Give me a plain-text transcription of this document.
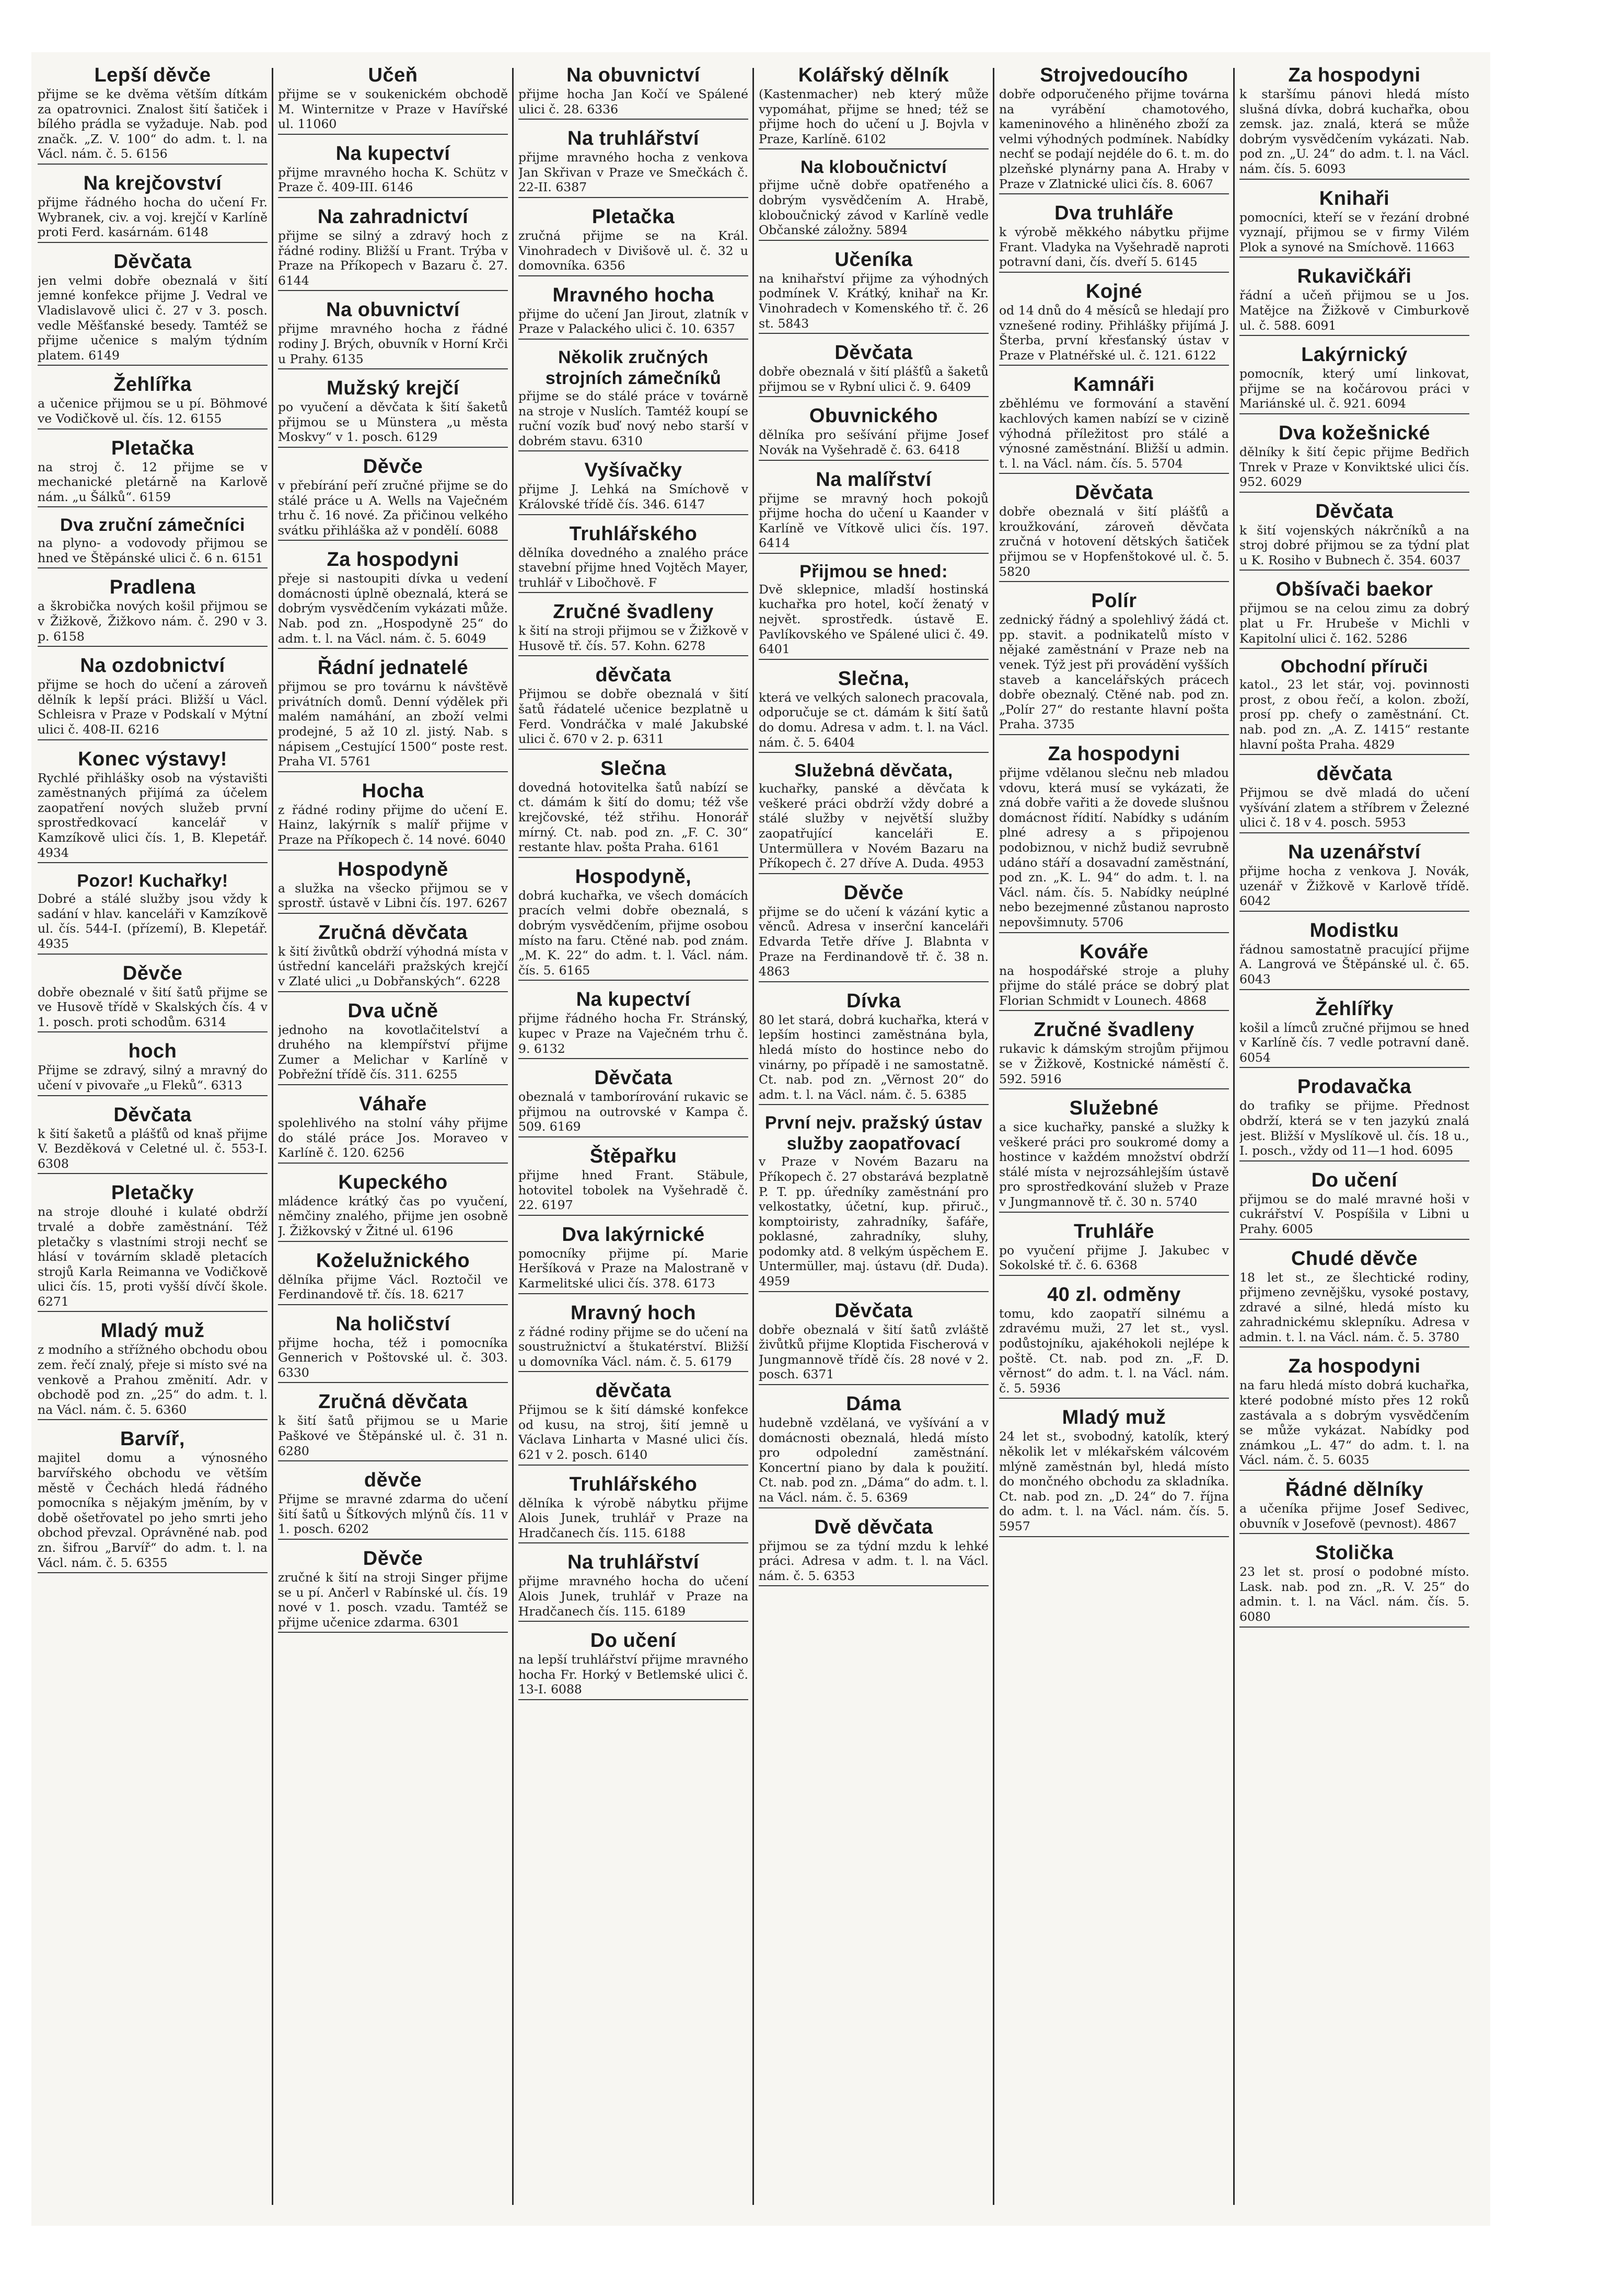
Lepší děvče
přijme se ke dvěma větším dítkám za opatrovnici. Znalost šití šatiček i bílého prádla se vyžaduje. Nab. pod značk. „Z. V. 100“ do adm. t. l. na Václ. nám. č. 5. 6156
Na krejčovství
přijme řádného hocha do učení Fr. Wybranek, civ. a voj. krejčí v Karlíně proti Ferd. kasárnám. 6148
Děvčata
jen velmi dobře obeznalá v šití jemné konfekce přijme J. Vedral ve Vladislavově ulici č. 27 v 3. posch. vedle Měšťanské besedy. Tamtéž se přijme učenice s malým týdním platem. 6149
Žehlířka
a učenice přijmou se u pí. Böhmové ve Vodičkově ul. čís. 12. 6155
Pletačka
na stroj č. 12 přijme se v mechanické pletárně na Karlově nám. „u Šálků“. 6159
Dva zruční zámečníci
na plyno- a vodovody přijmou se hned ve Štěpánské ulici č. 6 n. 6151
Pradlena
a škrobička nových košil přijmou se v Žižkově, Žižkovo nám. č. 290 v 3. p. 6158
Na ozdobnictví
přijme se hoch do učení a zároveň dělník k lepší práci. Bližší u Václ. Schleisra v Praze v Podskalí v Mýtní ulici č. 408-II. 6216
Konec výstavy!
Rychlé přihlášky osob na výstavišti zaměstnaných přijímá za účelem zaopatření nových služeb první sprostředkovací kancelář v Kamzíkově ulici čís. 1, B. Klepetář. 4934
Pozor! Kuchařky!
Dobré a stálé služby jsou vždy k sadání v hlav. kanceláři v Kamzíkově ul. čís. 544-I. (přízemí), B. Klepetář. 4935
Děvče
dobře obeznalé v šití šatů přijme se ve Husově třídě v Skalských čís. 4 v 1. posch. proti schodům. 6314
hoch
Přijme se zdravý, silný a mravný do učení v pivovaře „u Fleků“. 6313
Děvčata
k šití šaketů a plášťů od knaš přijme V. Bezděková v Celetné ul. č. 553-I. 6308
Pletačky
na stroje dlouhé i kulaté obdrží trvalé a dobře zaměstnání. Též pletačky s vlastními stroji nechť se hlásí v továrním skladě pletacích strojů Karla Reimanna ve Vodičkově ulici čís. 15, proti vyšší dívčí škole. 6271
Mladý muž
z modního a střížného obchodu obou zem. řečí znalý, přeje si místo své na venkově a Prahou změnití. Adr. v obchodě pod zn. „25“ do adm. t. l. na Václ. nám. č. 5. 6360
Barvíř,
majitel domu a výnosného barvířského obchodu ve větším městě v Čechách hledá řádného pomocníka s nějakým jměním, by v době ošetřovatel po jeho smrti jeho obchod převzal. Oprávněné nab. pod zn. šifrou „Barvíř“ do adm. t. l. na Václ. nám. č. 5. 6355
Učeň
přijme se v soukenickém obchodě M. Winternitze v Praze v Havířské ul. 11060
Na kupectví
přijme mravného hocha K. Schütz v Praze č. 409-III. 6146
Na zahradnictví
přijme se silný a zdravý hoch z řádné rodiny. Bližší u Frant. Trýba v Praze na Příkopech v Bazaru č. 27. 6144
Na obuvnictví
přijme mravného hocha z řádné rodiny J. Brých, obuvník v Horní Krči u Prahy. 6135
Mužský krejčí
po vyučení a děvčata k šití šaketů přijmou se u Münstera „u města Moskvy“ v 1. posch. 6129
Děvče
v přebírání peří zručné přijme se do stálé práce u A. Wells na Vaječném trhu č. 16 nové. Za přičinou velkého svátku přihláška až v pondělí. 6088
Za hospodyni
přeje si nastoupiti dívka u vedení domácnosti úplně obeznalá, která se dobrým vysvědčením vykázati může. Nab. pod zn. „Hospodyně 25“ do adm. t. l. na Václ. nám. č. 5. 6049
Řádní jednatelé
přijmou se pro továrnu k návštěvě privátních domů. Denní výdělek při malém namáhání, an zboží velmi prodejné, 5 až 10 zl. jistý. Nab. s nápisem „Cestující 1500“ poste rest. Praha VI. 5761
Hocha
z řádné rodiny přijme do učení E. Hainz, lakýrník s malíř přijme v Praze na Příkopech č. 14 nové. 6040
Hospodyně
a služka na všecko přijmou se v sprostř. ústavě v Libni čís. 197. 6267
Zručná děvčata
k šití živůtků obdrží výhodná místa v ústřední kanceláři pražských krejčí v Zlaté ulici „u Dobřanských“. 6228
Dva učně
jednoho na kovotlačitelství a druhého na klempířství přijme Zumer a Melichar v Karlíně v Pobřežní třídě čís. 311. 6255
Váhaře
spolehlivého na stolní váhy přijme do stálé práce Jos. Moraveo v Karlíně č. 120. 6256
Kupeckého
mládence krátký čas po vyučení, němčiny znalého, přijme jen osobně J. Žižkovský v Žitné ul. 6196
Koželužnického
dělníka přijme Václ. Roztočil ve Ferdinandově tř. čís. 18. 6217
Na holičství
přijme hocha, též i pomocníka Gennerich v Poštovské ul. č. 303. 6330
Zručná děvčata
k šití šatů přijmou se u Marie Paškové ve Štěpánské ul. č. 31 n. 6280
děvče
Přijme se mravné zdarma do učení šití šatů u Šítkových mlýnů čís. 11 v 1. posch. 6202
Děvče
zručné k šití na stroji Singer přijme se u pí. Ančerl v Rabínské ul. čís. 19 nové v 1. posch. vzadu. Tamtéž se přijme učenice zdarma. 6301
Na obuvnictví
přijme hocha Jan Kočí ve Spálené ulici č. 28. 6336
Na truhlářství
přijme mravného hocha z venkova Jan Skřivan v Praze ve Smečkách č. 22-II. 6387
Pletačka
zručná přijme se na Král. Vinohradech v Divišově ul. č. 32 u domovníka. 6356
Mravného hocha
přijme do učení Jan Jirout, zlatník v Praze v Palackého ulici č. 10. 6357
Několik zručných strojních zámečníků
přijme se do stálé práce v továrně na stroje v Nuslích. Tamtéž koupí se ruční vozík buď nový nebo starší v dobrém stavu. 6310
Vyšívačky
přijme J. Lehká na Smíchově v Královské třídě čís. 346. 6147
Truhlářského
dělníka dovedného a znalého práce stavební přijme hned Vojtěch Mayer, truhlář v Libočhově. F
Zručné švadleny
k šití na stroji přijmou se v Žižkově v Husově tř. čís. 57. Kohn. 6278
děvčata
Přijmou se dobře obeznalá v šití šatů řádatelé učenice bezplatně u Ferd. Vondráčka v malé Jakubské ulici č. 670 v 2. p. 6311
Slečna
dovedná hotovitelka šatů nabízí se ct. dámám k šití do domu; též vše krejčovské, též střihu. Honorář mírný. Ct. nab. pod zn. „F. C. 30“ restante hlav. pošta Praha. 6161
Hospodyně,
dobrá kuchařka, ve všech domácích pracích velmi dobře obeznalá, s dobrým vysvědčením, přijme osobou místo na faru. Ctěné nab. pod znám. „M. K. 22“ do adm. t. l. Václ. nám. čís. 5. 6165
Na kupectví
přijme řádného hocha Fr. Stránský, kupec v Praze na Vaječném trhu č. 9. 6132
Děvčata
obeznalá v tamborírování rukavic se přijmou na outrovské v Kampa č. 509. 6169
Štěpařku
přijme hned Frant. Stäbule, hotovitel tobolek na Vyšehradě č. 22. 6197
Dva lakýrnické
pomocníky přijme pí. Marie Heršíková v Praze na Malostraně v Karmelitské ulici čís. 378. 6173
Mravný hoch
z řádné rodiny přijme se do učení na soustružnictví a štukatérství. Bližší u domovníka Václ. nám. č. 5. 6179
děvčata
Přijmou se k šití dámské konfekce od kusu, na stroj, šití jemně u Václava Linharta v Masné ulici čís. 621 v 2. posch. 6140
Truhlářského
dělníka k výrobě nábytku přijme Alois Junek, truhlář v Praze na Hradčanech čís. 115. 6188
Na truhlářství
přijme mravného hocha do učení Alois Junek, truhlář v Praze na Hradčanech čís. 115. 6189
Do učení
na lepší truhlářství přijme mravného hocha Fr. Horký v Betlemské ulici č. 13-I. 6088
Kolářský dělník
(Kastenmacher) neb který může vypomáhat, přijme se hned; též se přijme hoch do učení u J. Bojvla v Praze, Karlíně. 6102
Na kloboučnictví
přijme učně dobře opatřeného a dobrým vysvědčením A. Hrabě, kloboučnický závod v Karlíně vedle Občanské záložny. 5894
Učeníka
na knihařství přijme za výhodných podmínek V. Krátký, knihař na Kr. Vinohradech v Komenského tř. č. 26 st. 5843
Děvčata
dobře obeznalá v šití plášťů a šaketů přijmou se v Rybní ulici č. 9. 6409
Obuvnického
dělníka pro sešívání přijme Josef Novák na Vyšehradě č. 63. 6418
Na malířství
přijme se mravný hoch pokojů přijme hocha do učení u Kaander v Karlíně ve Vítkově ulici čís. 197. 6414
Přijmou se hned:
Dvě sklepnice, mladší hostinská kuchařka pro hotel, kočí ženatý v největ. sprostředk. ústavě E. Pavlíkovského ve Spálené ulici č. 49. 6401
Slečna,
která ve velkých salonech pracovala, odporučuje se ct. dámám k šití šatů do domu. Adresa v adm. t. l. na Václ. nám. č. 5. 6404
Služebná děvčata,
kuchařky, panské a děvčata k veškeré práci obdrží vždy dobré a stálé služby v největší služby zaopatřující kanceláři E. Untermüllera v Novém Bazaru na Příkopech č. 27 dříve A. Duda. 4953
Děvče
přijme se do učení k vázání kytic a věnců. Adresa v inserční kanceláři Edvarda Tetře dříve J. Blabnta v Praze na Ferdinandově tř. č. 38 n. 4863
Dívka
80 let stará, dobrá kuchařka, která v lepším hostinci zaměstnána byla, hledá místo do hostince nebo do vinárny, po případě i ne samostatně. Ct. nab. pod zn. „Věrnost 20“ do adm. t. l. na Václ. nám. č. 5. 6385
První nejv. pražský ústav služby zaopatřovací
v Praze v Novém Bazaru na Příkopech č. 27 obstarává bezplatně P. T. pp. úředníky zaměstnání pro velkostatky, účetní, kup. přiruč., komptoiristy, zahradníky, šafáře, poklasné, zahradníky, sluhy, podomky atd. 8 velkým úspěchem E. Untermüller, maj. ústavu (dř. Duda). 4959
Děvčata
dobře obeznalá v šití šatů zvláště živůtků přijme Kloptida Fischerová v Jungmannově třídě čís. 28 nové v 2. posch. 6371
Dáma
hudebně vzdělaná, ve vyšívání a v domácnosti obeznalá, hledá místo pro odpolední zaměstnání. Koncertní piano by dala k použití. Ct. nab. pod zn. „Dáma“ do adm. t. l. na Václ. nám. č. 5. 6369
Dvě děvčata
přijmou se za týdní mzdu k lehké práci. Adresa v adm. t. l. na Václ. nám. č. 5. 6353
Strojvedoucího
dobře odporučeného přijme továrna na vyrábění chamotového, kameninového a hliněného zboží za velmi výhodných podmínek. Nabídky nechť se podají nejdéle do 6. t. m. do plzeňské plynárny pana A. Hraby v Praze v Zlatnické ulici čís. 8. 6067
Dva truhláře
k výrobě měkkého nábytku přijme Frant. Vladyka na Vyšehradě naproti potravní dani, čís. dveří 5. 6145
Kojné
od 14 dnů do 4 měsíců se hledají pro vznešené rodiny. Přihlášky přijímá J. Šterba, první křesťanský ústav v Praze v Platnéřské ul. č. 121. 6122
Kamnáři
zběhlému ve formování a stavění kachlových kamen nabízí se v cizině výhodná příležitost pro stálé a výnosné zaměstnání. Bližší u admin. t. l. na Václ. nám. čís. 5. 5704
Děvčata
dobře obeznalá v šití plášťů a kroužkování, zároveň děvčata zručná v hotovení dětských šatiček přijmou se v Hopfenštokové ul. č. 5. 5820
Polír
zednický řádný a spolehlivý žádá ct. pp. stavit. a podnikatelů místo v nějaké zaměstnání v Praze neb na venek. Týž jest při provádění vyšších staveb a kancelářských prácech dobře obeznalý. Ctěné nab. pod zn. „Polír 27“ do restante hlavní pošta Praha. 3735
Za hospodyni
přijme vdělanou slečnu neb mladou vdovu, která musí se vykázati, že zná dobře vařiti a že dovede slušnou domácnost řídití. Nabídky s udáním plné adresy a s připojenou podobiznou, v nichž budiž sevrubně udáno stáří a dosavadní zaměstnání, pod zn. „K. L. 94“ do adm. t. l. na Václ. nám. čís. 5. Nabídky neúplné nebo bezejmenné zůstanou naprosto nepovšimnuty. 5706
Kováře
na hospodářské stroje a pluhy přijme do stálé práce se dobrý plat Florian Schmidt v Lounech. 4868
Zručné švadleny
rukavic k dámským strojům přijmou se v Žižkově, Kostnické náměstí č. 592. 5916
Služebné
a sice kuchařky, panské a služky k veškeré práci pro soukromé domy a hostince v každém množství obdrží stálé místa v nejrozsáhlejším ústavě pro sprostředkování služeb v Praze v Jungmannově tř. č. 30 n. 5740
Truhláře
po vyučení přijme J. Jakubec v Sokolské tř. č. 6. 6368
40 zl. odměny
tomu, kdo zaopatří silnému a zdravému muži, 27 let st., vysl. podůstojníku, ajakéhokoli nejlépe k poště. Ct. nab. pod zn. „F. D. věrnost“ do adm. t. l. na Václ. nám. č. 5. 5936
Mladý muž
24 let st., svobodný, katolík, který několik let v mlékařském válcovém mlýně zaměstnán byl, hledá místo do mončného obchodu za skladníka. Ct. nab. pod zn. „D. 24“ do 7. října do adm. t. l. na Václ. nám. čís. 5. 5957
Za hospodyni
k staršímu pánovi hledá místo slušná dívka, dobrá kuchařka, obou zemsk. jaz. znalá, která se může dobrým vysvědčením vykázati. Nab. pod zn. „U. 24“ do adm. t. l. na Václ. nám. čís. 5. 6093
Knihaři
pomocníci, kteří se v řezání drobné vyznají, přijmou se v firmy Vilém Plok a synové na Smíchově. 11663
Rukavičkáři
řádní a učeň přijmou se u Jos. Matějce na Žižkově v Cimburkově ul. č. 588. 6091
Lakýrnický
pomocník, který umí linkovat, přijme se na kočárovou práci v Mariánské ul. č. 921. 6094
Dva kožešnické
dělníky k šití čepic přijme Bedřich Tnrek v Praze v Konviktské ulici čís. 952. 6029
Děvčata
k šití vojenských nákrčníků a na stroj dobré přijmou se za týdní plat u K. Rosiho v Bubnech č. 354. 6037
Obšívači baekor
přijmou se na celou zimu za dobrý plat u Fr. Hrubeše v Michli v Kapitolní ulici č. 162. 5286
Obchodní příruči
katol., 23 let stár, voj. povinnosti prost, z obou řečí, a kolon. zboží, prosí pp. chefy o zaměstnání. Ct. nab. pod zn. „A. Z. 1415“ restante hlavní pošta Praha. 4829
děvčata
Přijmou se dvě mladá do učení vyšívání zlatem a stříbrem v Železné ulici č. 18 v 4. posch. 5953
Na uzenářství
přijme hocha z venkova J. Novák, uzenář v Žižkově v Karlově třídě. 6042
Modistku
řádnou samostatně pracující přijme A. Langrová ve Štěpánské ul. č. 65. 6043
Žehlířky
košil a límců zručné přijmou se hned v Karlíně čís. 7 vedle potravní daně. 6054
Prodavačka
do trafiky se přijme. Přednost obdrží, která se v ten jazykú znalá jest. Bližší v Myslíkově ul. čís. 18 u., I. posch., vždy od 11—1 hod. 6095
Do učení
přijmou se do malé mravné hoši v cukrářství V. Pospíšila v Libni u Prahy. 6005
Chudé děvče
18 let st., ze šlechtické rodiny, přijmeno zevnějšku, vysoké postavy, zdravé a silné, hledá místo ku zahradnickému sklepníku. Adresa v admin. t. l. na Václ. nám. č. 5. 3780
Za hospodyni
na faru hledá místo dobrá kuchařka, které podobné místo přes 12 roků zastávala a s dobrým vysvědčením se může vykázat. Nabídky pod známkou „L. 47“ do adm. t. l. na Václ. nám. č. 5. 6035
Řádné dělníky
a učeníka přijme Josef Sedivec, obuvník v Josefově (pevnost). 4867
Stolička
23 let st. prosí o podobné místo. Lask. nab. pod zn. „R. V. 25“ do admin. t. l. na Václ. nám. čís. 5. 6080
